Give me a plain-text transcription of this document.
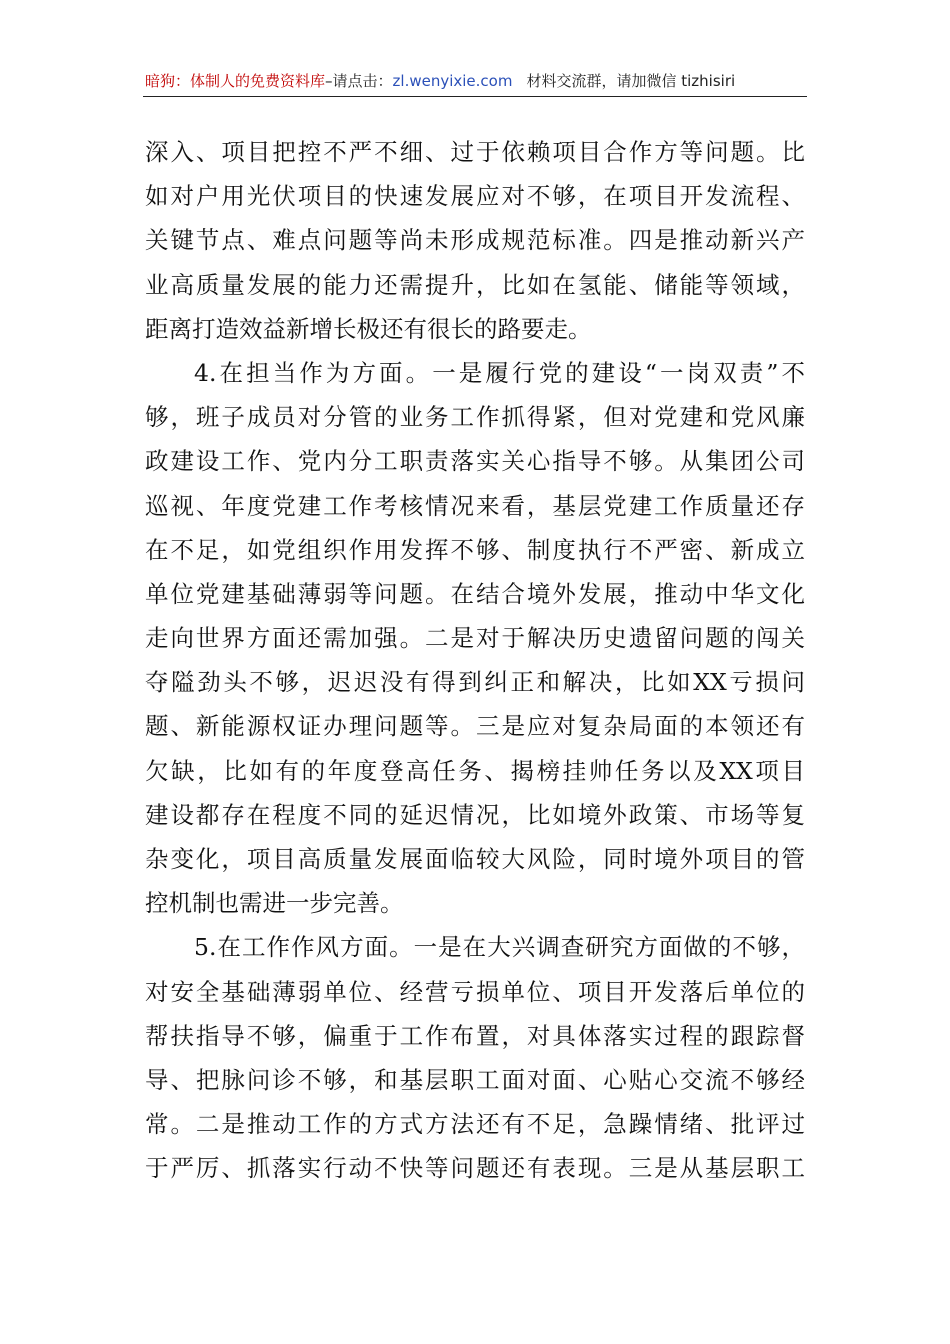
暗狗：体制人的免费资料库–请点击：zl.wenyixie.com 材料交流群，请加微信 tizhisiri
深入、项目把控不严不细、过于依赖项目合作方等问题。比
如对户用光伏项目的快速发展应对不够，在项目开发流程、
关键节点、难点问题等尚未形成规范标准。四是推动新兴产
业高质量发展的能力还需提升，比如在氢能、储能等领域，
距离打造效益新增长极还有很长的路要走。
4.在担当作为方面。一是履行党的建设“一岗双责”不
够，班子成员对分管的业务工作抓得紧，但对党建和党风廉
政建设工作、党内分工职责落实关心指导不够。从集团公司
巡视、年度党建工作考核情况来看，基层党建工作质量还存
在不足，如党组织作用发挥不够、制度执行不严密、新成立
单位党建基础薄弱等问题。在结合境外发展，推动中华文化
走向世界方面还需加强。二是对于解决历史遗留问题的闯关
夺隘劲头不够，迟迟没有得到纠正和解决，比如XX亏损问
题、新能源权证办理问题等。三是应对复杂局面的本领还有
欠缺，比如有的年度登高任务、揭榜挂帅任务以及XX项目
建设都存在程度不同的延迟情况，比如境外政策、市场等复
杂变化，项目高质量发展面临较大风险，同时境外项目的管
控机制也需进一步完善。
5.在工作作风方面。一是在大兴调查研究方面做的不够，
对安全基础薄弱单位、经营亏损单位、项目开发落后单位的
帮扶指导不够，偏重于工作布置，对具体落实过程的跟踪督
导、把脉问诊不够，和基层职工面对面、心贴心交流不够经
常。二是推动工作的方式方法还有不足，急躁情绪、批评过
于严厉、抓落实行动不快等问题还有表现。三是从基层职工
